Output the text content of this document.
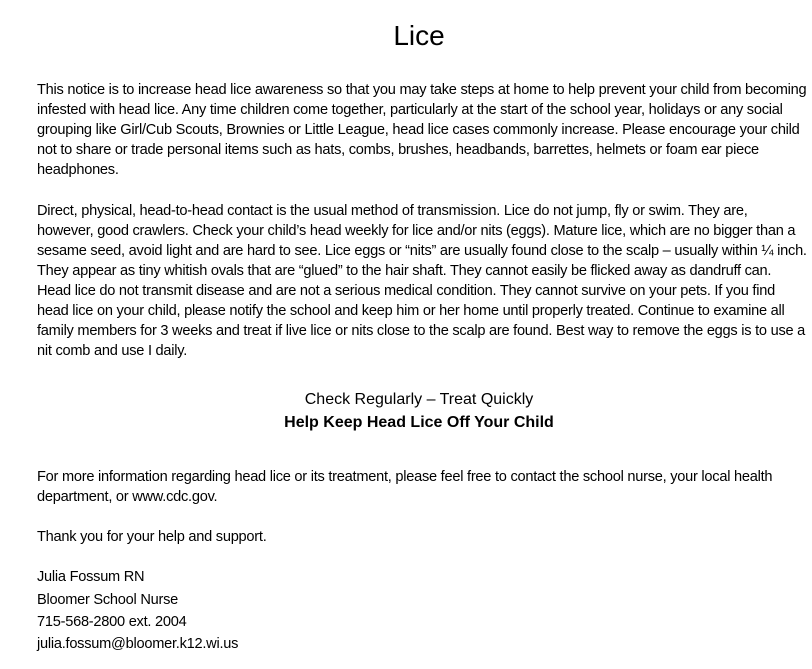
Lice

This notice is to increase head lice awareness so that you may take steps at home to help prevent your child from becoming infested with head lice. Any time children come together, particularly at the start of the school year, holidays or any social grouping like Girl/Cub Scouts, Brownies or Little League, head lice cases commonly increase. Please encourage your child not to share or trade personal items such as hats, combs, brushes, headbands, barrettes, helmets or foam ear piece headphones.

Direct, physical, head-to-head contact is the usual method of transmission. Lice do not jump, fly or swim. They are, however, good crawlers. Check your child’s head weekly for lice and/or nits (eggs). Mature lice, which are no bigger than a sesame seed, avoid light and are hard to see. Lice eggs or “nits” are usually found close to the scalp – usually within ¼ inch. They appear as tiny whitish ovals that are “glued” to the hair shaft. They cannot easily be flicked away as dandruff can. Head lice do not transmit disease and are not a serious medical condition. They cannot survive on your pets. If you find head lice on your child, please notify the school and keep him or her home until properly treated. Continue to examine all family members for 3 weeks and treat if live lice or nits close to the scalp are found. Best way to remove the eggs is to use a nit comb and use I daily.

Check Regularly – Treat Quickly
Help Keep Head Lice Off Your Child

For more information regarding head lice or its treatment, please feel free to contact the school nurse, your local health department, or www.cdc.gov.

Thank you for your help and support.

Julia Fossum RN
Bloomer School Nurse
715-568-2800 ext. 2004
julia.fossum@bloomer.k12.wi.us
